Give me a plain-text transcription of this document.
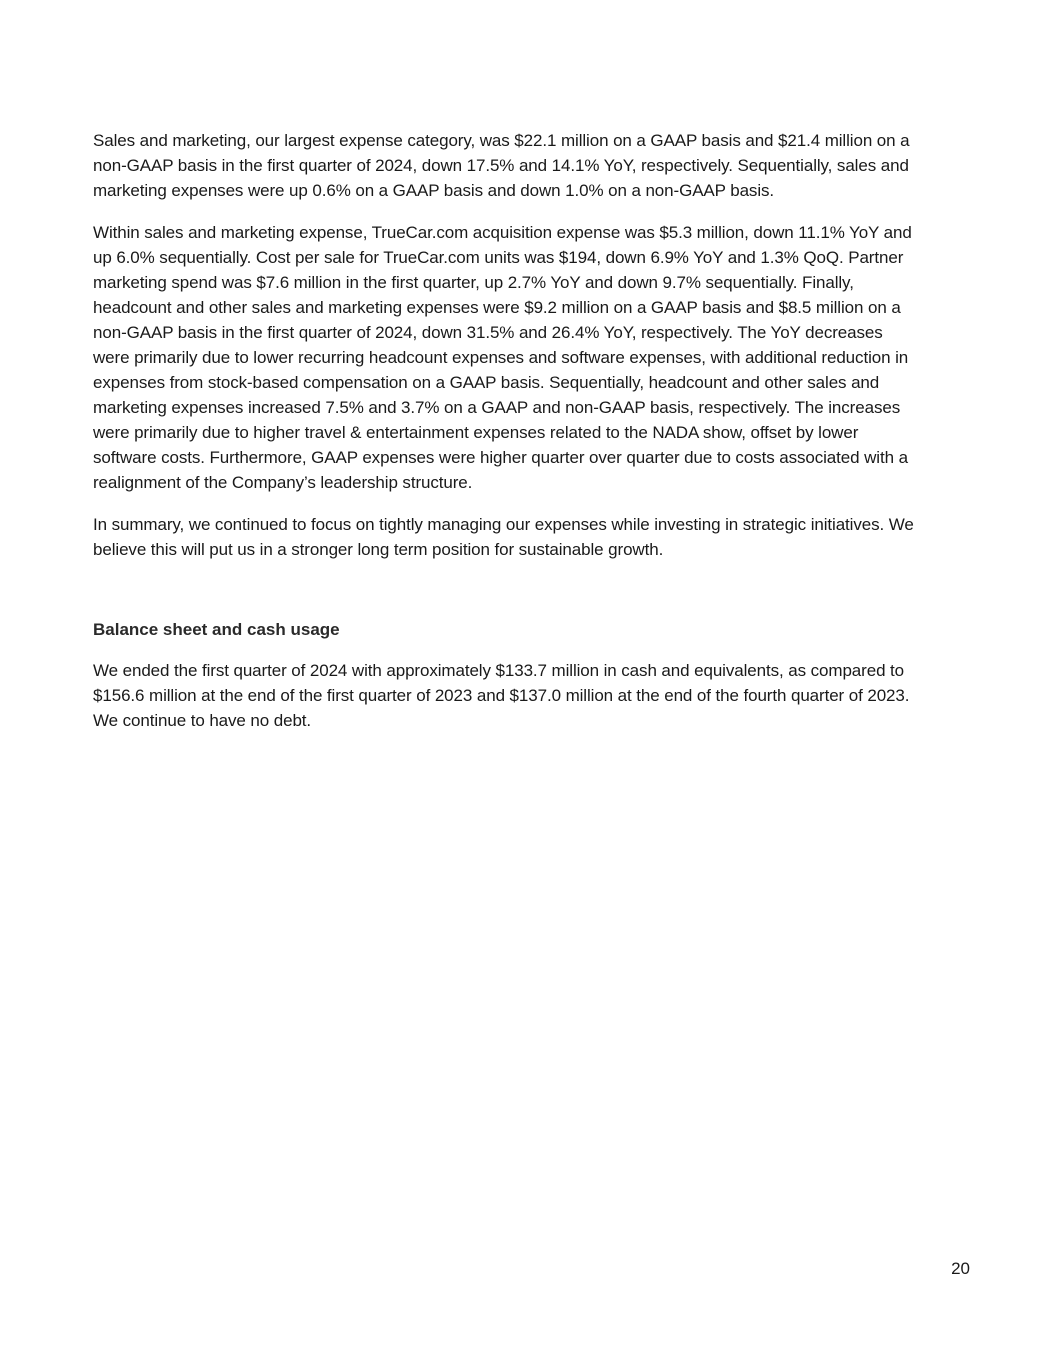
Sales and marketing, our largest expense category, was $22.1 million on a GAAP basis and $21.4 million on a non-GAAP basis in the first quarter of 2024, down 17.5% and 14.1% YoY, respectively. Sequentially, sales and marketing expenses were up 0.6% on a GAAP basis and down 1.0% on a non-GAAP basis.

Within sales and marketing expense, TrueCar.com acquisition expense was $5.3 million, down 11.1% YoY and up 6.0% sequentially. Cost per sale for TrueCar.com units was $194, down 6.9% YoY and 1.3% QoQ. Partner marketing spend was $7.6 million in the first quarter, up 2.7% YoY and down 9.7% sequentially. Finally, headcount and other sales and marketing expenses were $9.2 million on a GAAP basis and $8.5 million on a non-GAAP basis in the first quarter of 2024, down 31.5% and 26.4% YoY, respectively. The YoY decreases were primarily due to lower recurring headcount expenses and software expenses, with additional reduction in expenses from stock-based compensation on a GAAP basis. Sequentially, headcount and other sales and marketing expenses increased 7.5% and 3.7% on a GAAP and non-GAAP basis, respectively. The increases were primarily due to higher travel & entertainment expenses related to the NADA show, offset by lower software costs. Furthermore, GAAP expenses were higher quarter over quarter due to costs associated with a realignment of the Company’s leadership structure.

In summary, we continued to focus on tightly managing our expenses while investing in strategic initiatives. We believe this will put us in a stronger long term position for sustainable growth.

Balance sheet and cash usage

We ended the first quarter of 2024 with approximately $133.7 million in cash and equivalents, as compared to $156.6 million at the end of the first quarter of 2023 and $137.0 million at the end of the fourth quarter of 2023. We continue to have no debt.

20
